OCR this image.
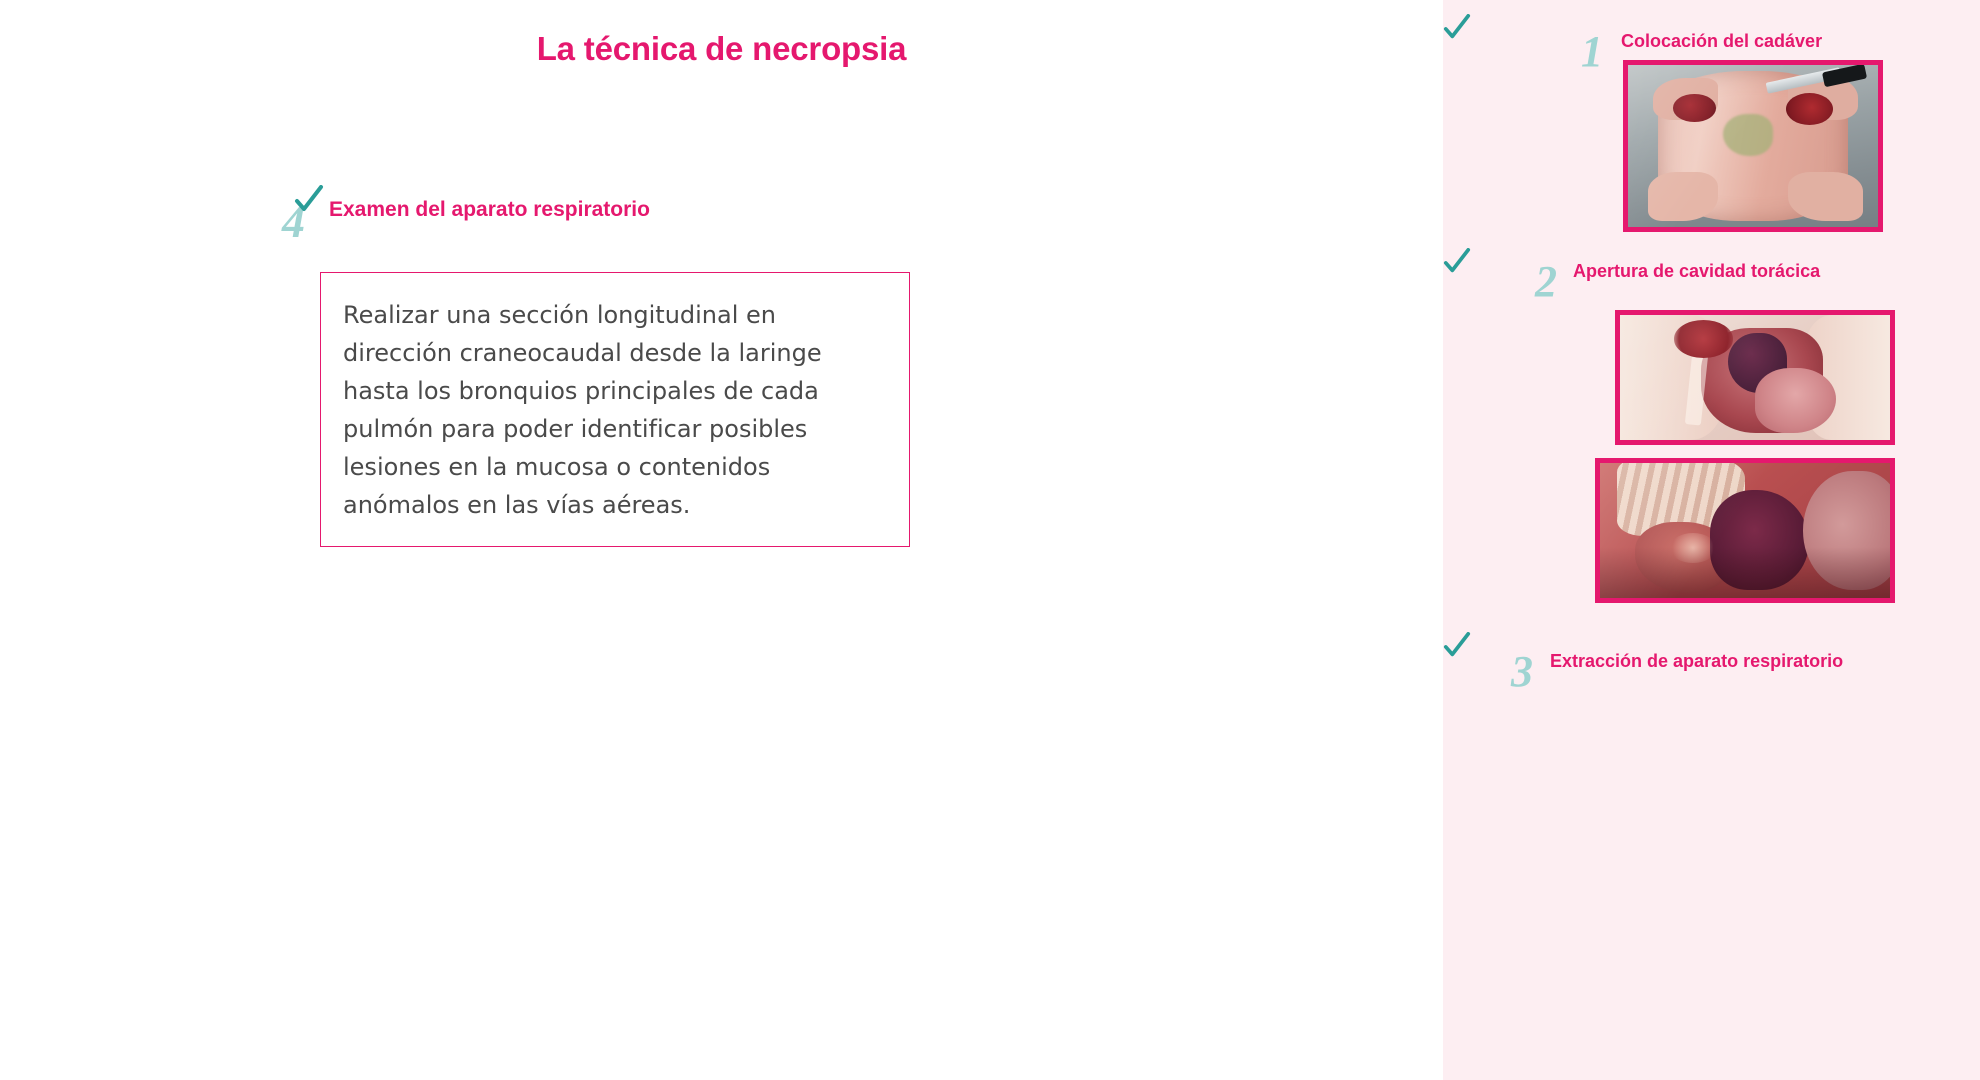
La técnica de necropsia
4 Examen del aparato respiratorio

Realizar una sección longitudinal en dirección craneocaudal desde la laringe hasta los bronquios principales de cada pulmón para poder identificar posibles lesiones en la mucosa o contenidos anómalos en las vías aéreas.

1 Colocación del cadáver
2 Apertura de cavidad torácica
3 Extracción de aparato respiratorio
